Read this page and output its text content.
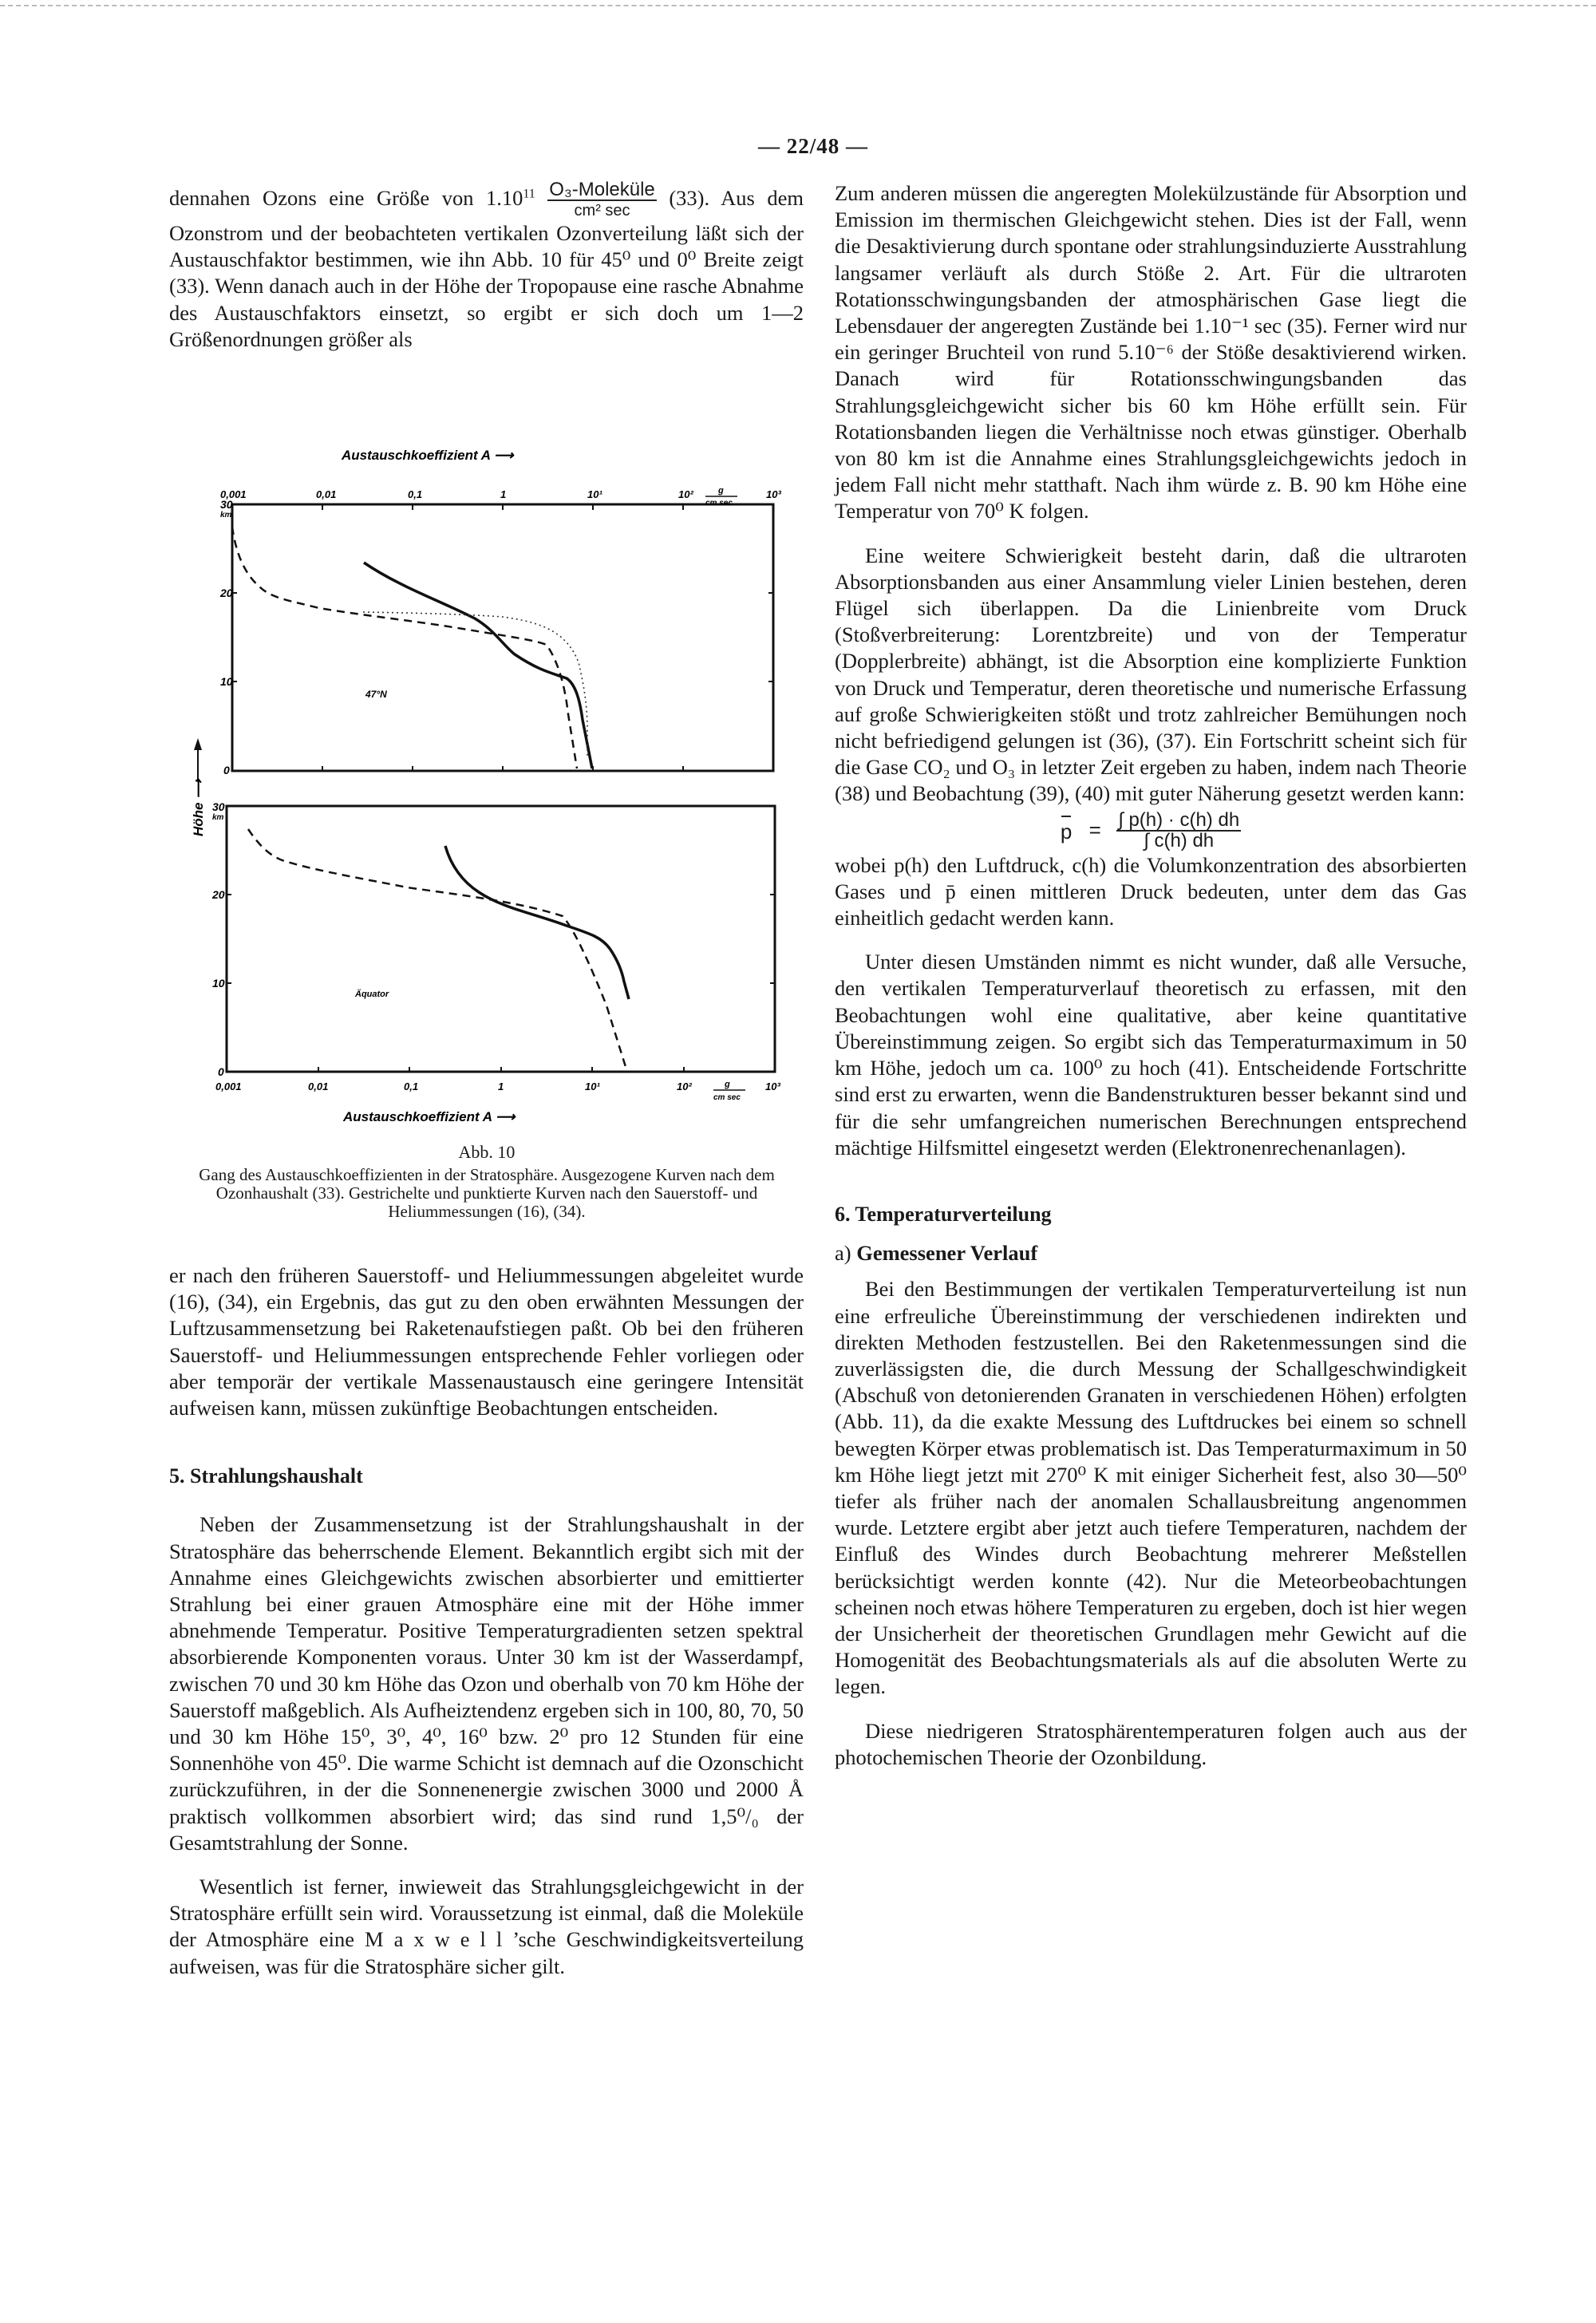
— 22/48 —

dennahen Ozons eine Größe von $1.10^{11} \frac{\text{O₃-Moleküle}}{\text{cm² sec}} (33)$. Aus dem Ozonstrom und der beobachteten vertikalen Ozonverteilung läßt sich der Austauschfaktor bestimmen, wie ihn Abb. 10 für 45⁰ und 0⁰ Breite zeigt (33). Wenn danach auch in der Höhe der Tropopause eine rasche Abnahme des Austauschfaktors einsetzt, so ergibt er sich doch um 1—2 Größenordnungen größer als

Austauschkoeffizient A ⟶
0,001	0,01	0,1	1	10¹	10²	10³
g
cm sec
30
km
20
10
0
47°N
Höhe ⟶ 30
km
20
10
0
0,001	0,01	0,1	1	10¹	10²	10³
g
cm sec
Äquator
Austauschkoeffizient A ⟶
Abb. 10
Gang des Austauschkoeffizienten in der Stratosphäre. Ausgezogene Kurven nach dem Ozonhaushalt (33). Gestrichelte und punktierte Kurven nach den Sauerstoff- und Heliummessungen (16), (34).

er nach den früheren Sauerstoff- und Heliummessungen abgeleitet wurde (16), (34), ein Ergebnis, das gut zu den oben erwähnten Messungen der Luftzusammensetzung bei Raketenaufstiegen paßt. Ob bei den früheren Sauerstoff- und Heliummessungen entsprechende Fehler vorliegen oder aber temporär der vertikale Massenaustausch eine geringere Intensität aufweisen kann, müssen zukünftige Beobachtungen entscheiden.

5. Strahlungshaushalt

Neben der Zusammensetzung ist der Strahlungshaushalt in der Stratosphäre das beherrschende Element. Bekanntlich ergibt sich mit der Annahme eines Gleichgewichts zwischen absorbierter und emittierter Strahlung bei einer grauen Atmosphäre eine mit der Höhe immer abnehmende Temperatur. Positive Temperaturgradienten setzen spektral absorbierende Komponenten voraus. Unter 30 km ist der Wasserdampf, zwischen 70 und 30 km Höhe das Ozon und oberhalb von 70 km Höhe der Sauerstoff maßgeblich. Als Aufheiztendenz ergeben sich in 100, 80, 70, 50 und 30 km Höhe 15⁰, 3⁰, 4⁰, 16⁰ bzw. 2⁰ pro 12 Stunden für eine Sonnenhöhe von 45⁰. Die warme Schicht ist demnach auf die Ozonschicht zurückzuführen, in der die Sonnenenergie zwischen 3000 und 2000 Å praktisch vollkommen absorbiert wird; das sind rund 1,5⁰/₀ der Gesamtstrahlung der Sonne.

Wesentlich ist ferner, inwieweit das Strahlungsgleichgewicht in der Stratosphäre erfüllt sein wird. Voraussetzung ist einmal, daß die Moleküle der Atmosphäre eine M a x w e l l ’sche Geschwindigkeitsverteilung aufweisen, was für die Stratosphäre sicher gilt.

Zum anderen müssen die angeregten Molekülzustände für Absorption und Emission im thermischen Gleichgewicht stehen. Dies ist der Fall, wenn die Desaktivierung durch spontane oder strahlungsinduzierte Ausstrahlung langsamer verläuft als durch Stöße 2. Art. Für die ultraroten Rotationsschwingungsbanden der atmosphärischen Gase liegt die Lebensdauer der angeregten Zustände bei 1.10⁻¹ sec (35). Ferner wird nur ein geringer Bruchteil von rund 5.10⁻⁶ der Stöße desaktivierend wirken. Danach wird für Rotationsschwingungsbanden das Strahlungsgleichgewicht sicher bis 60 km Höhe erfüllt sein. Für Rotationsbanden liegen die Verhältnisse noch etwas günstiger. Oberhalb von 80 km ist die Annahme eines Strahlungsgleichgewichts jedoch in jedem Fall nicht mehr statthaft. Nach ihm würde z. B. 90 km Höhe eine Temperatur von 70⁰ K folgen.

Eine weitere Schwierigkeit besteht darin, daß die ultraroten Absorptionsbanden aus einer Ansammlung vieler Linien bestehen, deren Flügel sich überlappen. Da die Linienbreite vom Druck (Stoßverbreiterung: Lorentzbreite) und von der Temperatur (Dopplerbreite) abhängt, ist die Absorption eine komplizierte Funktion von Druck und Temperatur, deren theoretische und numerische Erfassung auf große Schwierigkeiten stößt und trotz zahlreicher Bemühungen noch nicht befriedigend gelungen ist (36), (37). Ein Fortschritt scheint sich für die Gase CO₂ und O₃ in letzter Zeit ergeben zu haben, indem nach Theorie (38) und Beobachtung (39), (40) mit guter Näherung gesetzt werden kann:

$p = \frac{\int p(h) \cdot c(h) dh}{\int c(h) dh}$

wobei p(h) den Luftdruck, c(h) die Volumkonzentration des absorbierten Gases und p̄ einen mittleren Druck bedeuten, unter dem das Gas einheitlich gedacht werden kann.

Unter diesen Umständen nimmt es nicht wunder, daß alle Versuche, den vertikalen Temperaturverlauf theoretisch zu erfassen, mit den Beobachtungen wohl eine qualitative, aber keine quantitative Übereinstimmung zeigen. So ergibt sich das Temperaturmaximum in 50 km Höhe, jedoch um ca. 100⁰ zu hoch (41). Entscheidende Fortschritte sind erst zu erwarten, wenn die Bandenstrukturen besser bekannt sind und für die sehr umfangreichen numerischen Berechnungen entsprechend mächtige Hilfsmittel eingesetzt werden (Elektronenrechenanlagen).

6. Temperaturverteilung
a) Gemessener Verlauf

Bei den Bestimmungen der vertikalen Temperaturverteilung ist nun eine erfreuliche Übereinstimmung der verschiedenen indirekten und direkten Methoden festzustellen. Bei den Raketenmessungen sind die zuverlässigsten die, die durch Messung der Schallgeschwindigkeit (Abschuß von detonierenden Granaten in verschiedenen Höhen) erfolgten (Abb. 11), da die exakte Messung des Luftdruckes bei einem so schnell bewegten Körper etwas problematisch ist. Das Temperaturmaximum in 50 km Höhe liegt jetzt mit 270⁰ K mit einiger Sicherheit fest, also 30—50⁰ tiefer als früher nach der anomalen Schallausbreitung angenommen wurde. Letztere ergibt aber jetzt auch tiefere Temperaturen, nachdem der Einfluß des Windes durch Beobachtung mehrerer Meßstellen berücksichtigt werden konnte (42). Nur die Meteorbeobachtungen scheinen noch etwas höhere Temperaturen zu ergeben, doch ist hier wegen der Unsicherheit der theoretischen Grundlagen mehr Gewicht auf die Homogenität des Beobachtungsmaterials als auf die absoluten Werte zu legen.

Diese niedrigeren Stratosphärentemperaturen folgen auch aus der photochemischen Theorie der Ozonbildung.
